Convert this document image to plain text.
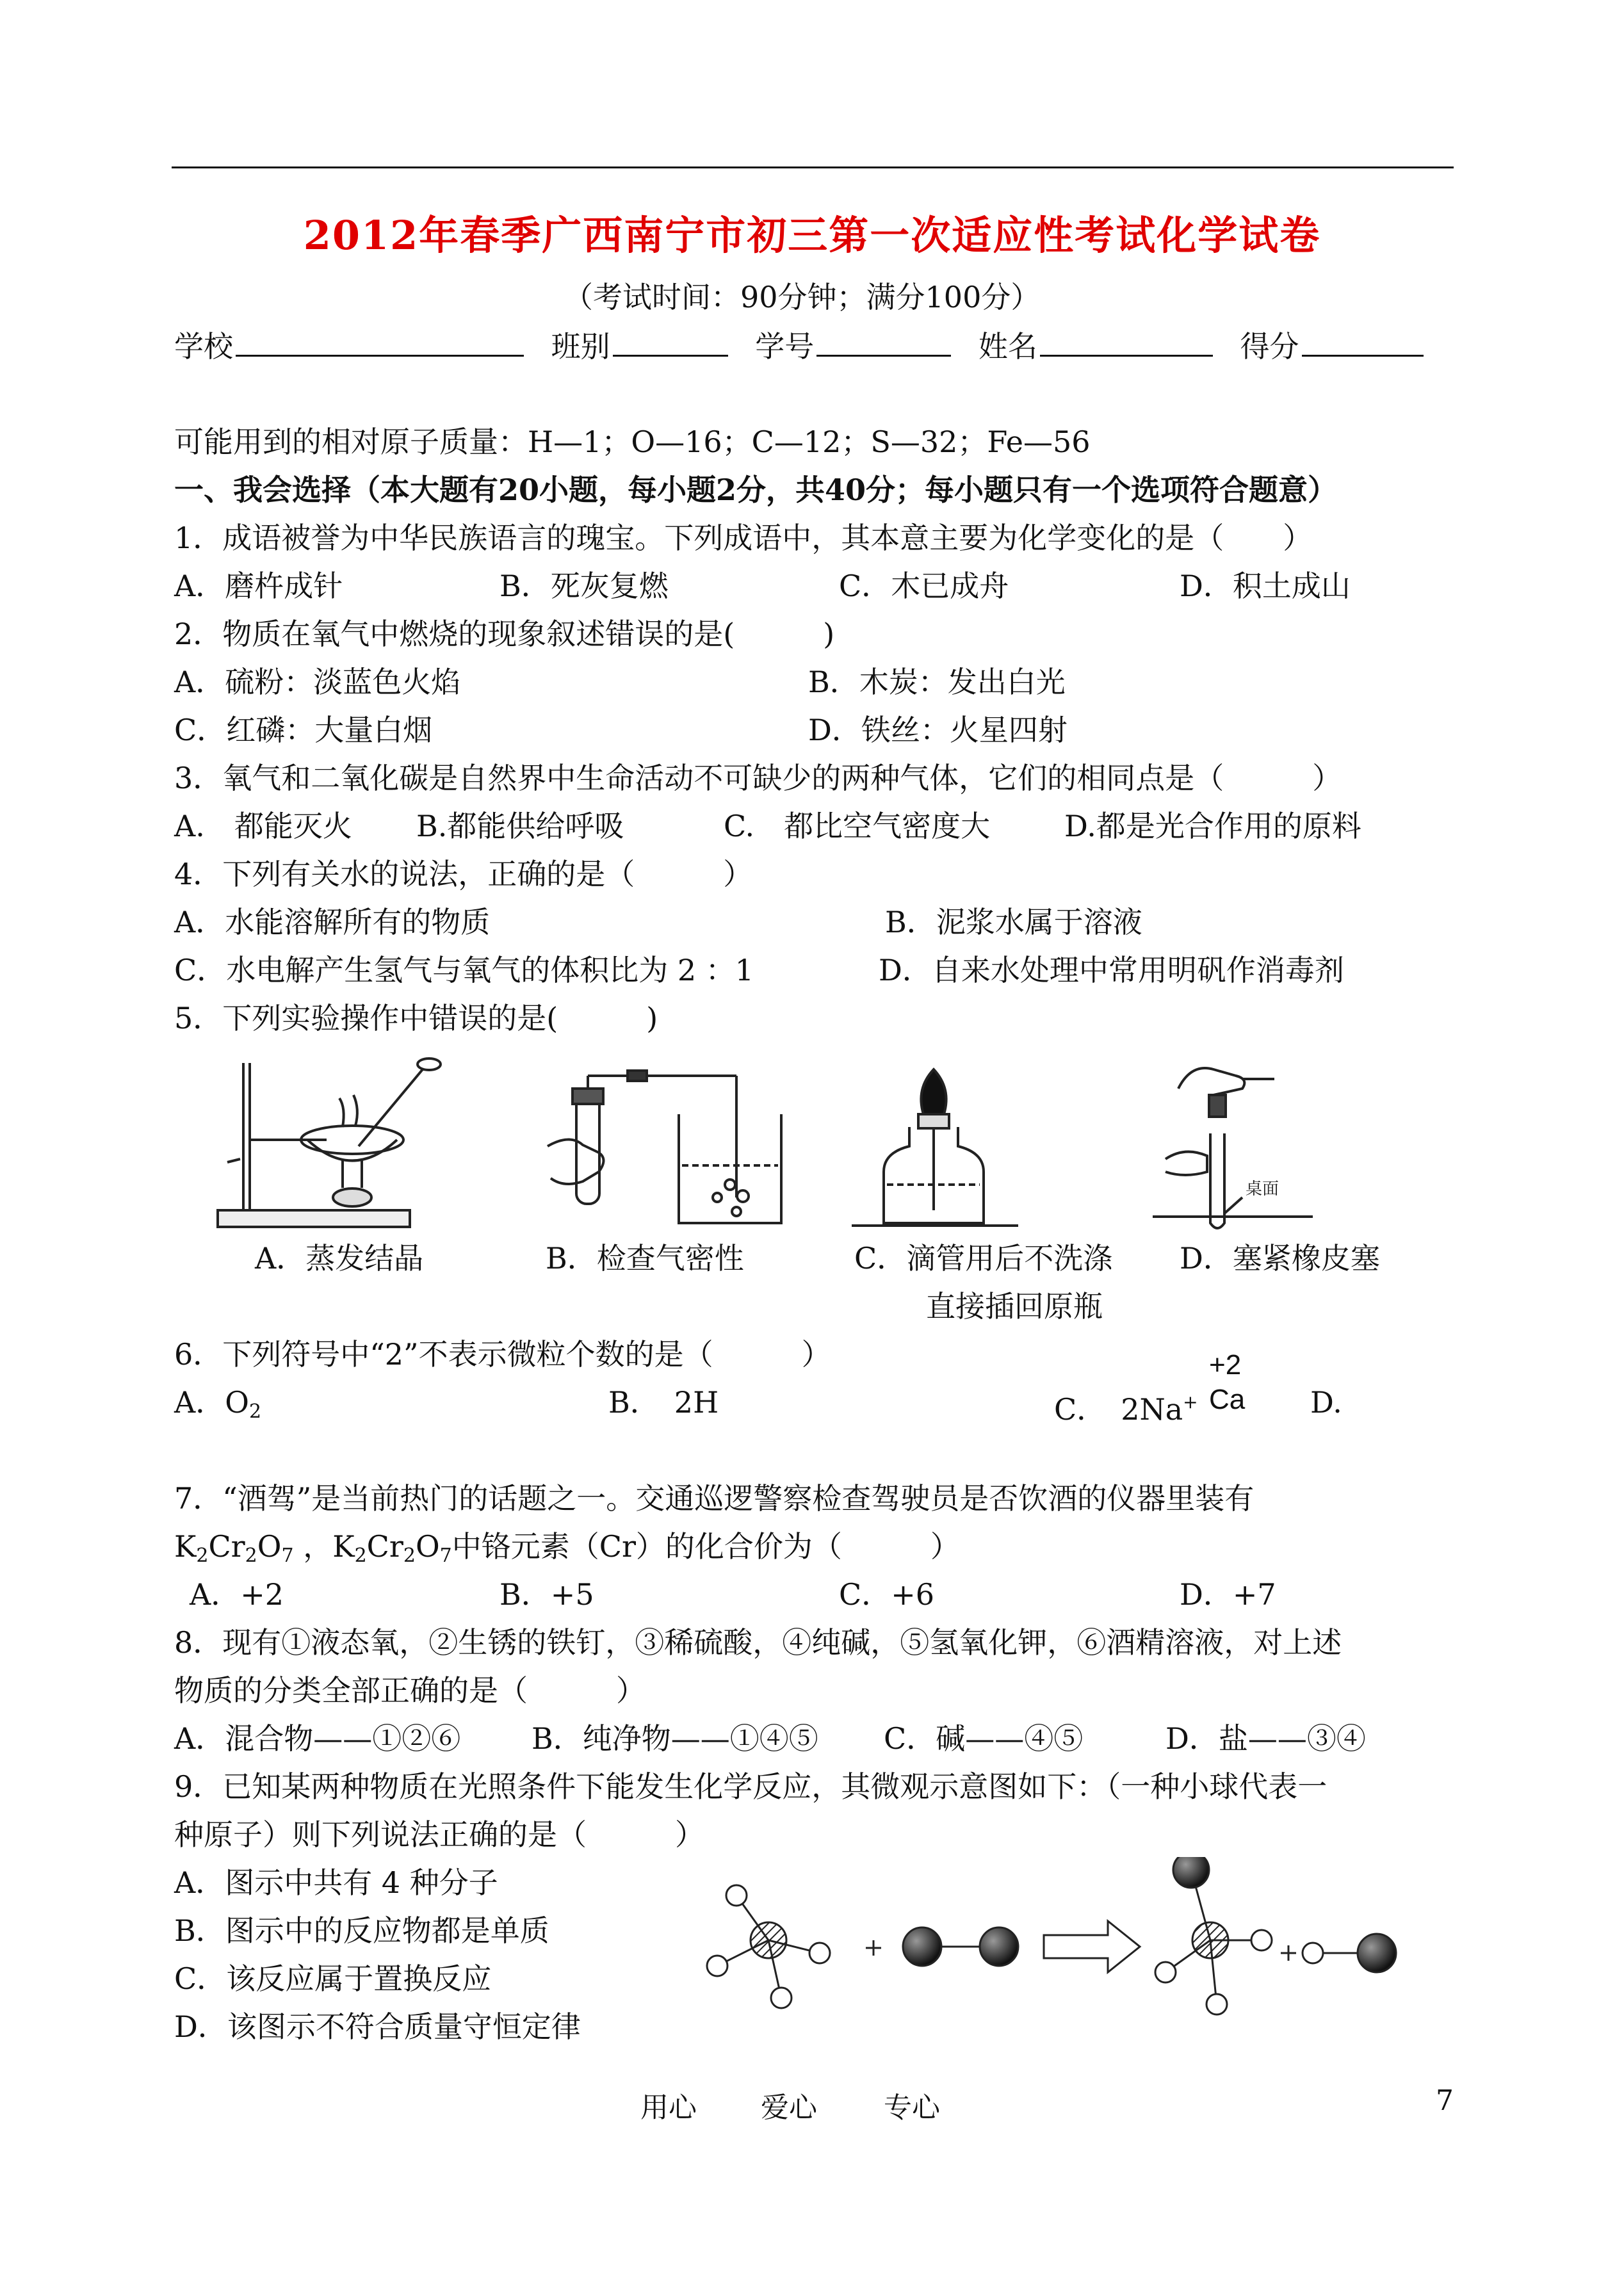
2012年春季广西南宁市初三第一次适应性考试化学试卷
（考试时间：90分钟；满分100分）
学校	班别	学号	姓名	得分
可能用到的相对原子质量：H—1；O—16；C—12；S—32；Fe—56
一、我会选择（本大题有20小题，每小题2分，共40分；每小题只有一个选项符合题意）
1．成语被誉为中华民族语言的瑰宝。下列成语中，其本意主要为化学变化的是（　　）
A．磨杵成针	B．死灰复燃	C．木已成舟	D．积土成山
2．物质在氧气中燃烧的现象叙述错误的是(　　　)
A．硫粉：淡蓝色火焰	B．木炭：发出白光
C．红磷：大量白烟	D．铁丝：火星四射
3．氧气和二氧化碳是自然界中生命活动不可缺少的两种气体，它们的相同点是（　　　）
A.　都能灭火 B.都能供给呼吸	C.　都比空气密度大	D.都是光合作用的原料
4．下列有关水的说法，正确的是（　　　）
A．水能溶解所有的物质	B．泥浆水属于溶液
C．水电解产生氢气与氧气的体积比为 2 ：1	D．自来水处理中常用明矾作消毒剂
5．下列实验操作中错误的是(　　　)
桌面
A．蒸发结晶	B．检查气密性	C．滴管用后不洗涤
直接插回原瓶
D．塞紧橡皮塞
6．下列符号中“2”不表示微粒个数的是（　　　）
A．$O_2$	B．　2H	C．　2Na+
+2
Ca D.
7．“酒驾”是当前热门的话题之一。交通巡逻警察检查驾驶员是否饮酒的仪器里装有
$K_2Cr_2O_7$ ，$K_2Cr_2O_7$中铬元素（Cr）的化合价为（　　　）
A．+2	B．+5	C．+6	D．+7
8．现有①液态氧，②生锈的铁钉，③稀硫酸，④纯碱，⑤氢氧化钾，⑥酒精溶液，对上述
物质的分类全部正确的是（　　　）
A．混合物——①②⑥ B．纯净物——①④⑤ C．碱——④⑤	D．盐——③④
9．已知某两种物质在光照条件下能发生化学反应，其微观示意图如下：（一种小球代表一
种原子）则下列说法正确的是（　　　）
A．图示中共有 4 种分子
B．图示中的反应物都是单质
C．该反应属于置换反应
D．该图示不符合质量守恒定律
用心 爱心 专心	7
